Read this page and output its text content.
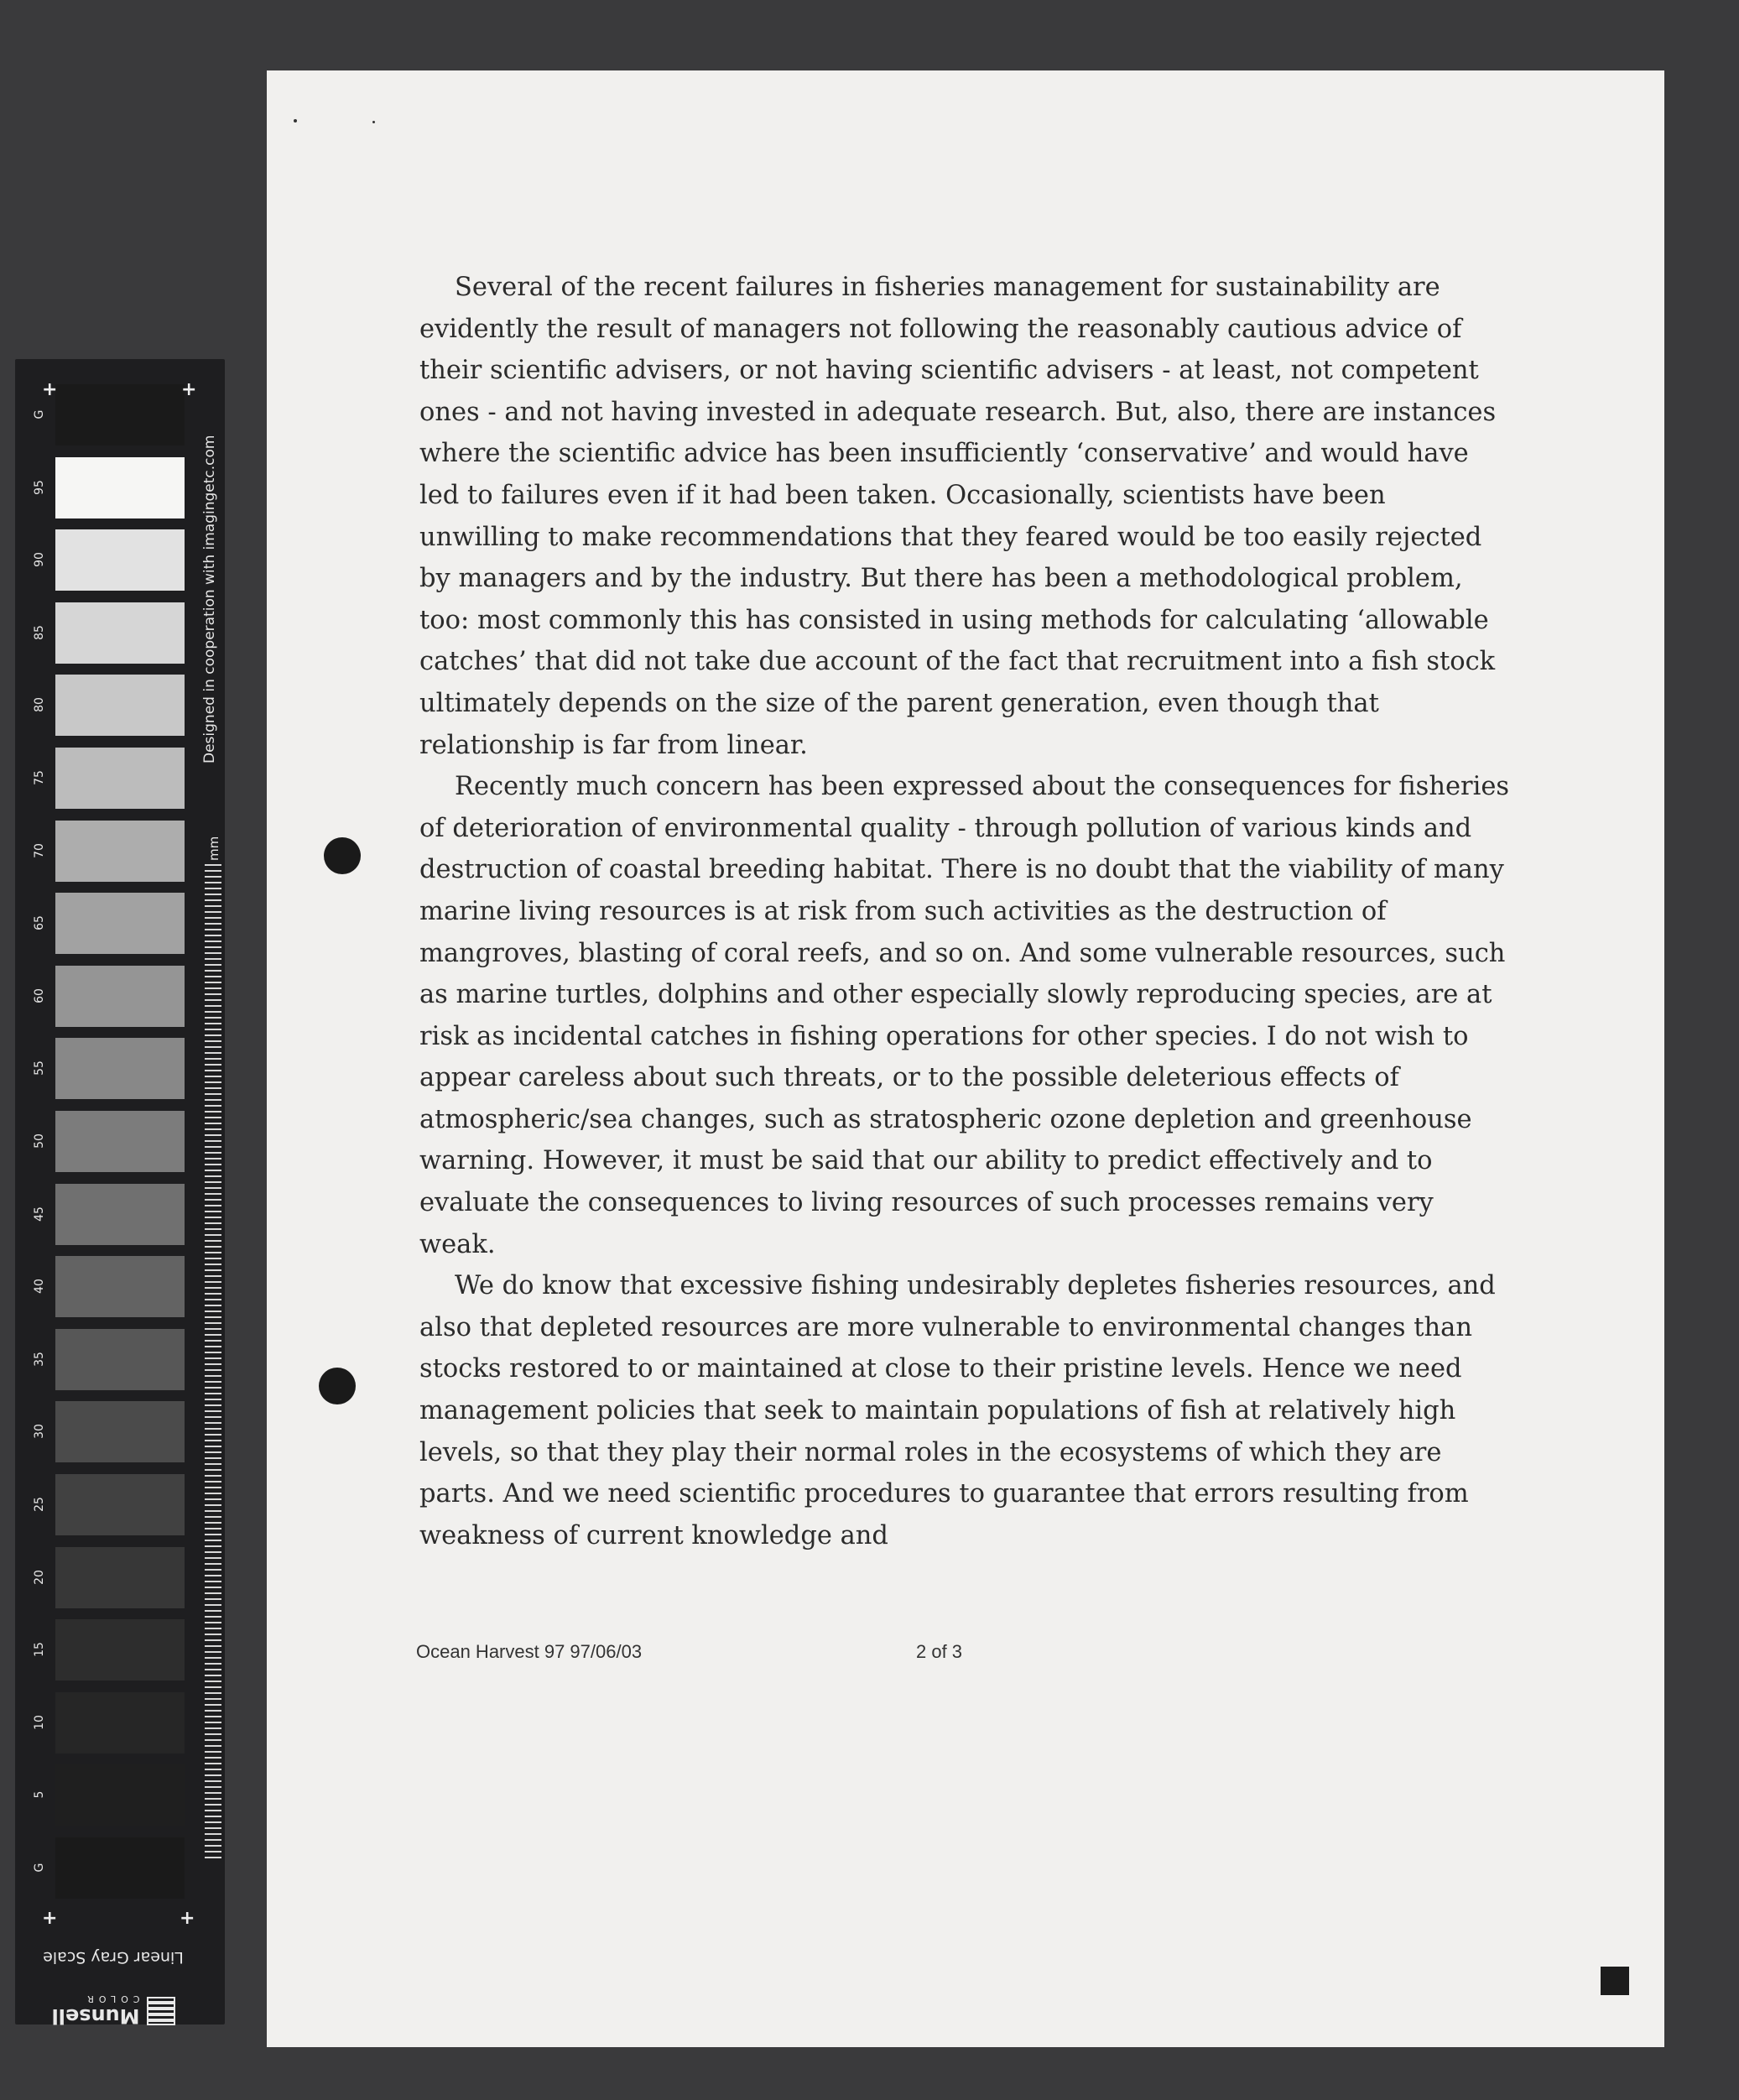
G
95
90
85
80
75
70
65
60
55
50
45
40
35
30
25
20
15
10
5
G
+	+
+	+
Designed in cooperation with imagingetc.com
mm
Linear Gray Scale
Munsell
COLOR

Several of the recent failures in fisheries management for sustainability are evidently the result of managers not following the reasonably cautious advice of their scientific advisers, or not having scientific advisers - at least, not competent ones - and not having invested in adequate research. But, also, there are instances where the scientific advice has been insufficiently ‘conservative’ and would have led to failures even if it had been taken. Occasionally, scientists have been unwilling to make recommendations that they feared would be too easily rejected by managers and by the industry. But there has been a methodological problem, too: most commonly this has consisted in using methods for calculating ‘allowable catches’ that did not take due account of the fact that recruitment into a fish stock ultimately depends on the size of the parent generation, even though that relationship is far from linear.

Recently much concern has been expressed about the consequences for fisheries of deterioration of environmental quality - through pollution of various kinds and destruction of coastal breeding habitat. There is no doubt that the viability of many marine living resources is at risk from such activities as the destruction of mangroves, blasting of coral reefs, and so on. And some vulnerable resources, such as marine turtles, dolphins and other especially slowly reproducing species, are at risk as incidental catches in fishing operations for other species. I do not wish to appear careless about such threats, or to the possible deleterious effects of atmospheric/sea changes, such as stratospheric ozone depletion and greenhouse warning. However, it must be said that our ability to predict effectively and to evaluate the consequences to living resources of such processes remains very weak.

We do know that excessive fishing undesirably depletes fisheries resources, and also that depleted resources are more vulnerable to environmental changes than stocks restored to or maintained at close to their pristine levels. Hence we need management policies that seek to maintain populations of fish at relatively high levels, so that they play their normal roles in the ecosystems of which they are parts. And we need scientific procedures to guarantee that errors resulting from weakness of current knowledge and

Ocean Harvest 97 97/06/03	2 of 3
